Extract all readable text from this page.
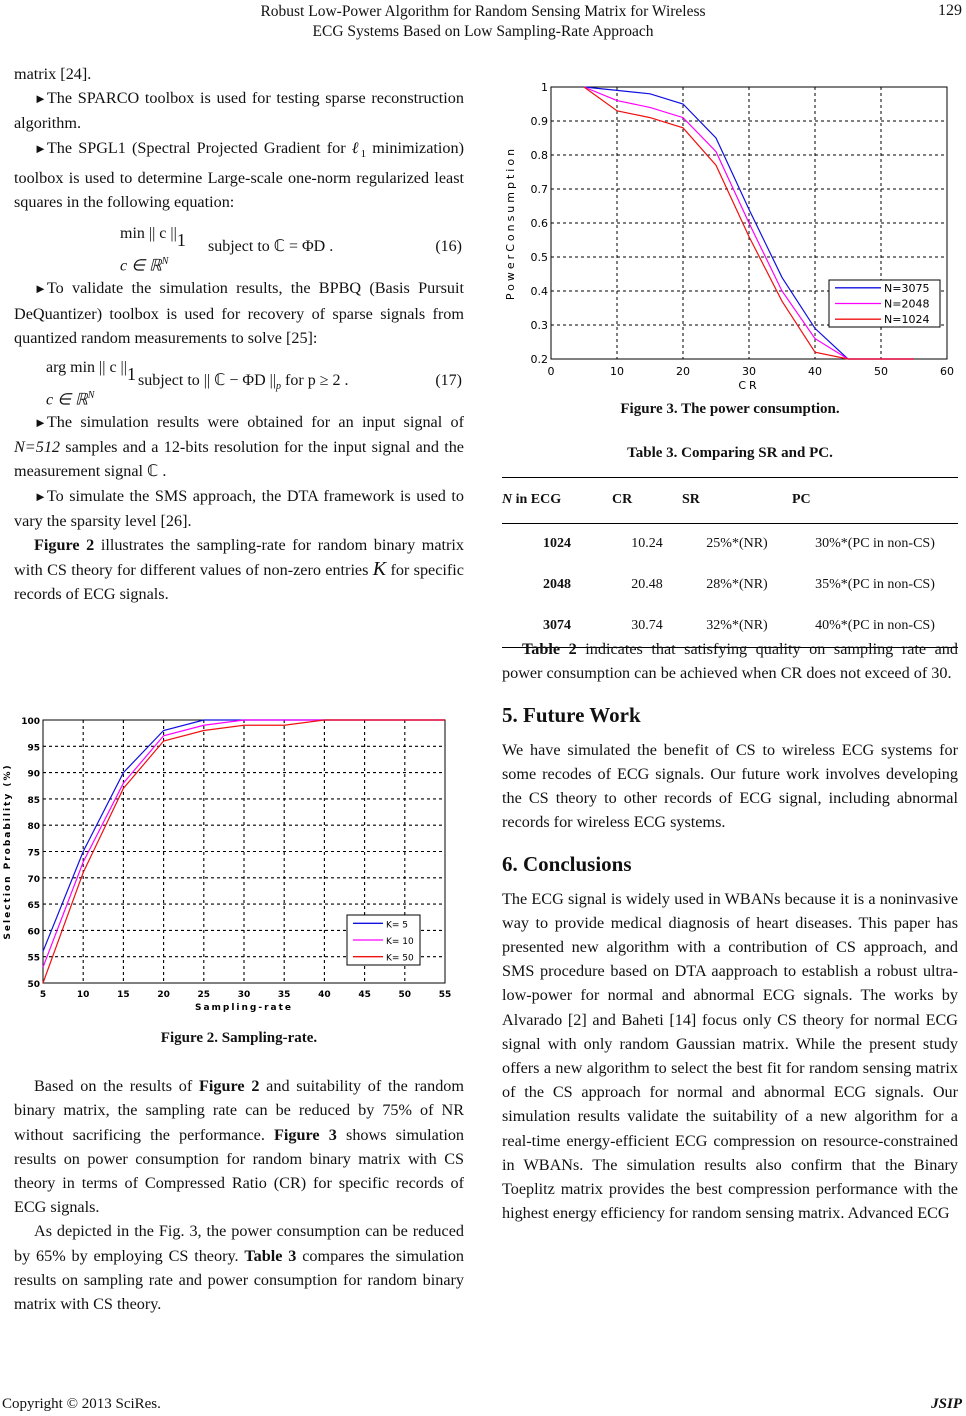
Robust Low-Power Algorithm for Random Sensing Matrix for Wireless
ECG Systems Based on Low Sampling-Rate Approach
129

matrix [24].

►The SPARCO toolbox is used for testing sparse reconstruction algorithm.

►The SPGL1 (Spectral Projected Gradient for ℓ$_1$ minimization) toolbox is used to determine Large-scale one-norm regularized least squares in the following equation:

min || c ||1
c ∈ ℝ$^N$
subject to ℂ = ΦD .	(16)

►To validate the simulation results, the BPBQ (Basis Pursuit DeQuantizer) toolbox is used for recovery of sparse signals from quantized random measurements to solve [25]:

arg min || c ||1
c ∈ ℝ$^N$
subject to || ℂ − ΦD $||_p$ for p ≥ 2 .	(17)

►The simulation results were obtained for an input signal of N=512 samples and a 12-bits resolution for the input signal and the measurement signal ℂ .

►To simulate the SMS approach, the DTA framework is used to vary the sparsity level [26].

Figure 2 illustrates the sampling-rate for random binary matrix with CS theory for different values of non-zero entries K for specific records of ECG signals.

5	10	15	20	25	30	35	40	45	50	55
50
55
60
65
70
75
80
85
90
95
100
Sampling-rate
Selection Probability (%)	K= 5
K= 10
K= 50

Figure 2. Sampling-rate.

Based on the results of Figure 2 and suitability of the random binary matrix, the sampling rate can be reduced by 75% of NR without sacrificing the performance. Figure 3 shows simulation results on power consumption for random binary matrix with CS theory in terms of Compressed Ratio (CR) for specific records of ECG signals.

As depicted in the Fig. 3, the power consumption can be reduced by 65% by employing CS theory. Table 3 compares the simulation results on sampling rate and power consumption for random binary matrix with CS theory.

0	10	20	30	40	50	60
0.2
0.3
0.4
0.5
0.6
0.7
0.8
0.9
1
CR
PowerConsumption	N=3075
N=2048
N=1024

Figure 3. The power consumption.

Table 3. Comparing SR and PC.

N in ECG	CR	SR	PC
1024	10.24	25%*(NR)	30%*(PC in non-CS)
2048	20.48	28%*(NR)	35%*(PC in non-CS)
3074	30.74	32%*(NR)	40%*(PC in non-CS)

Table 2 indicates that satisfying quality on sampling rate and power consumption can be achieved when CR does not exceed of 30.

5. Future Work

We have simulated the benefit of CS to wireless ECG systems for some recodes of ECG signals. Our future work involves developing the CS theory to other records of ECG signal, including abnormal records for wireless ECG systems.

6. Conclusions

The ECG signal is widely used in WBANs because it is a noninvasive way to provide medical diagnosis of heart diseases. This paper has presented new algorithm with a contribution of CS approach, and SMS procedure based on DTA aapproach to establish a robust ultra-low-power for normal and abnormal ECG signals. The works by Alvarado [2] and Baheti [14] focus only CS theory for normal ECG signal with only random Gaussian matrix. While the present study offers a new algorithm to select the best fit for random sensing matrix of the CS approach for normal and abnormal ECG signals. Our simulation results validate the suitability of a new algorithm for a real-time energy-efficient ECG compression on resource-constrained in WBANs. The simulation results also confirm that the Binary Toeplitz matrix provides the best compression performance with the highest energy efficiency for random sensing matrix. Advanced ECG

Copyright © 2013 SciRes.	JSIP
